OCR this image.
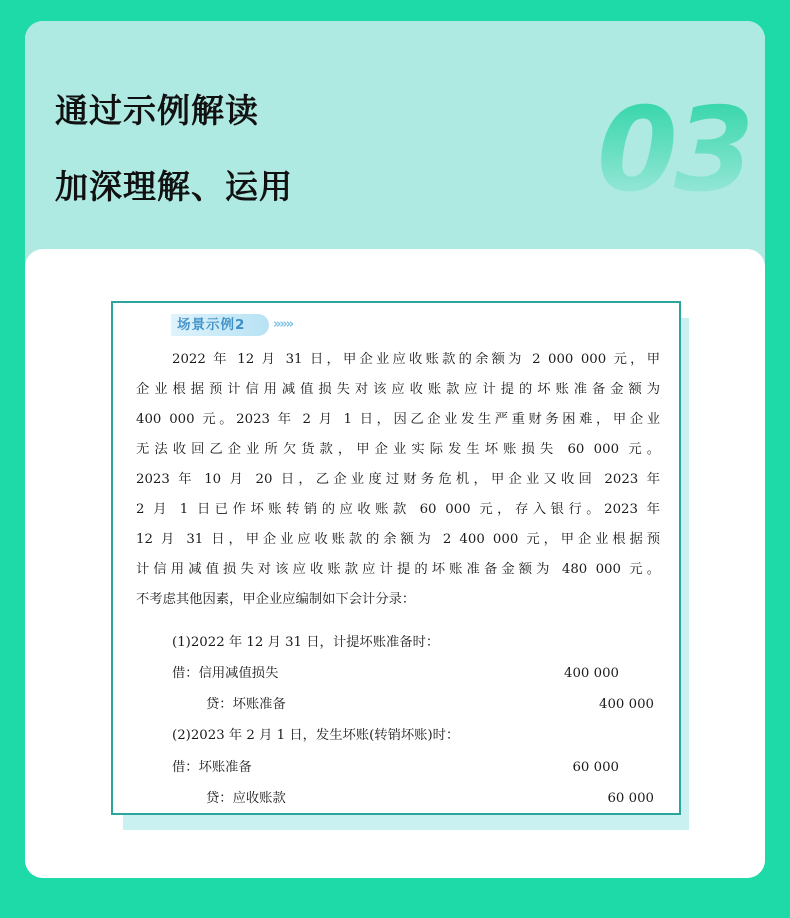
通过示例解读
加深理解、运用	03
场景示例2	»»»

2022 年 12 月 31 日，甲企业应收账款的余额为 2 000 000 元，甲

企业根据预计信用减值损失对该应收账款应计提的坏账准备金额为

400 000 元。2023 年 2 月 1 日，因乙企业发生严重财务困难，甲企业

无法收回乙企业所欠货款，甲企业实际发生坏账损失 60 000 元。

2023 年 10 月 20 日，乙企业度过财务危机，甲企业又收回 2023 年

2 月 1 日已作坏账转销的应收账款 60 000 元，存入银行。2023 年

12 月 31 日，甲企业应收账款的余额为 2 400 000 元，甲企业根据预

计信用减值损失对该应收账款应计提的坏账准备金额为 480 000 元。

不考虑其他因素，甲企业应编制如下会计分录：

(1)2022 年 12 月 31 日，计提坏账准备时：
借：信用减值损失	400 000
贷：坏账准备	400 000
(2)2023 年 2 月 1 日，发生坏账(转销坏账)时：
借：坏账准备	60 000
贷：应收账款	60 000
